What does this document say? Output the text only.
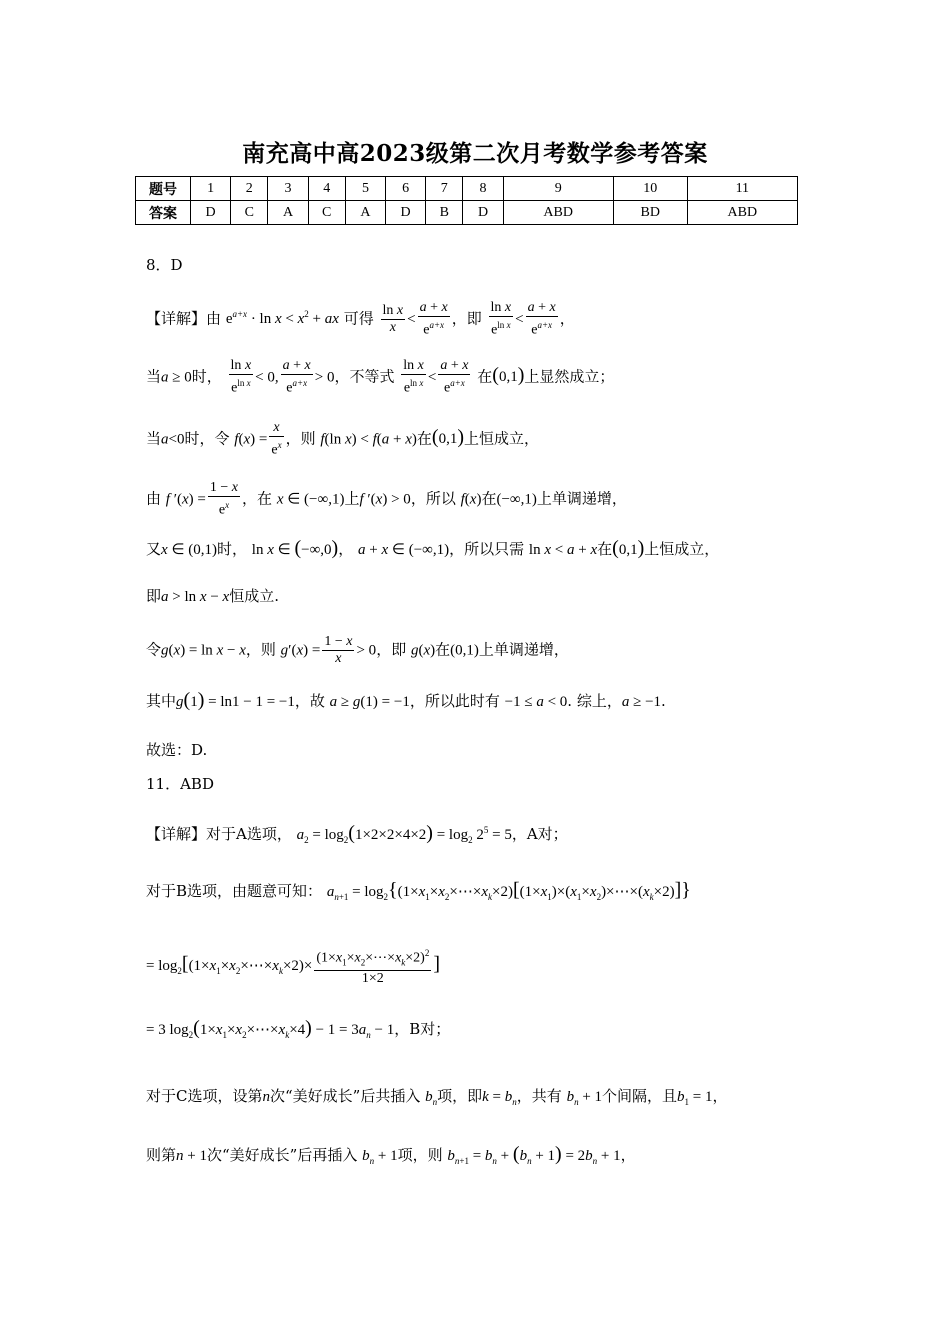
南充高中高2023级第二次月考数学参考答案
题号	1	2	3	4	5	6	7	8	9	10	11
答案	D	C	A	C	A	D	B	D	ABD	BD	ABD
8．D
【详解】由 $e^{a+x} \cdot \ln x < x^2$ + ax 可得 $\frac{\text{ln x}}{x} < \frac{a + x}{e^{a+x}}$ ，即 $\frac{\text{ln x}}{e^{ln x}} < \frac{a + x}{e^{a+x}}$ ，
当a ≥ 0时， $\frac{\text{ln x}}{e^{ln x}} < 0$, $\frac{a + x}{e^{a+x}} > 0$，不等式 $\frac{\text{ln x}}{e^{ln x}} < \frac{a + x}{e^{a+x}}$ 在(0,1)上显然成立；
当a<0时，令 $f(x) = \frac{x}{e^x}$ ，则 f(ln x) < f(a + x)在(0,1)上恒成立，
由 f $'(x) = \frac{1 - x}{e^x}$ ，在 x ∈ (−∞,1)上f ′(x) > 0，所以 f(x)在(−∞,1)上单调递增，
又x ∈ (0,1)时， ln x ∈ (−∞,0)， a + x ∈ (−∞,1)，所以只需 ln x < a + x在(0,1)上恒成立，
即a > ln x − x恒成立.
令g(x) = ln x − x，则 $g'(x) = \frac{1 - x}{x} > 0$，即 g(x)在(0,1)上单调递增，
其中g(1) = ln1 − 1 = −1，故 a ≥ g(1) = −1，所以此时有 −1 ≤ a < 0. 综上，a ≥ −1.
故选：D.
11．ABD
【详解】对于A选项， $a_2 = \log_2(1\times 2\times 2\times 4\times 2) = \log_2 2^5 = 5$，A对；
对于B选项，由题意可知： $a_{n+1}$ = $\log_2\{(1\times x_1\times x_2\times\cdots\times x_k\times 2)[(1\times x_1)\times(x_1\times x_2)\times\cdots\times(x_k\times 2)]\}$
= $\log_2[(1\times x_1\times x_2\times\cdots\times x_k\times 2)\times \frac{(1\times x_1\times x_2\times\cdots\times x_k\times 2)^2}{1\times 2}$ ]
= 3 $\log_2(1\times x_1\times x_2\times\cdots\times x_k\times 4) - 1 = 3a_n - 1$，B对；
对于C选项，设第n次“美好成长”后共插入 $b_n$项，即$k = b_n$，共有 $b_n + 1$个间隔，且$b_1 = 1$，
则第n + 1次“美好成长”后再插入 $b_n + 1$项，则 $b_{n+1} = b_n + (b_n + 1) = 2b_n + 1$，
